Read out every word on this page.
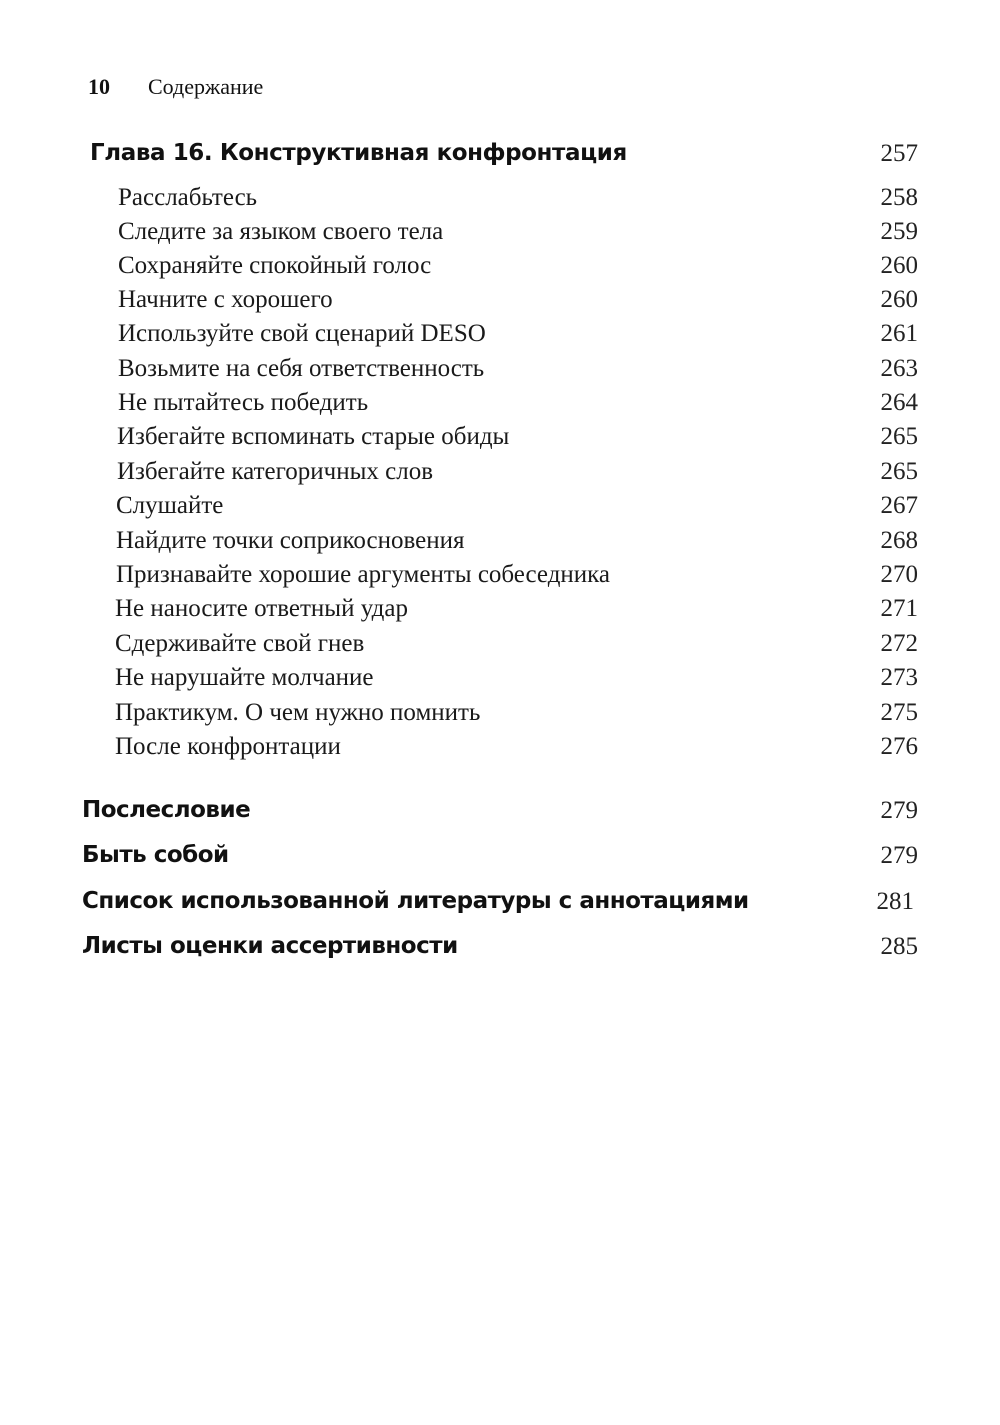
10	Содержание
Глава 16. Конструктивная конфронтация	257
Расслабьтесь	258
Следите за языком своего тела	259
Сохраняйте спокойный голос	260
Начните с хорошего	260
Используйте свой сценарий DESO	261
Возьмите на себя ответственность	263
Не пытайтесь победить	264
Избегайте вспоминать старые обиды	265
Избегайте категоричных слов	265
Слушайте	267
Найдите точки соприкосновения	268
Признавайте хорошие аргументы собеседника	270
Не наносите ответный удар	271
Сдерживайте свой гнев	272
Не нарушайте молчание	273
Практикум. О чем нужно помнить	275
После конфронтации	276
Послесловие	279
Быть собой	279
Список использованной литературы с аннотациями	281
Листы оценки ассертивности	285
